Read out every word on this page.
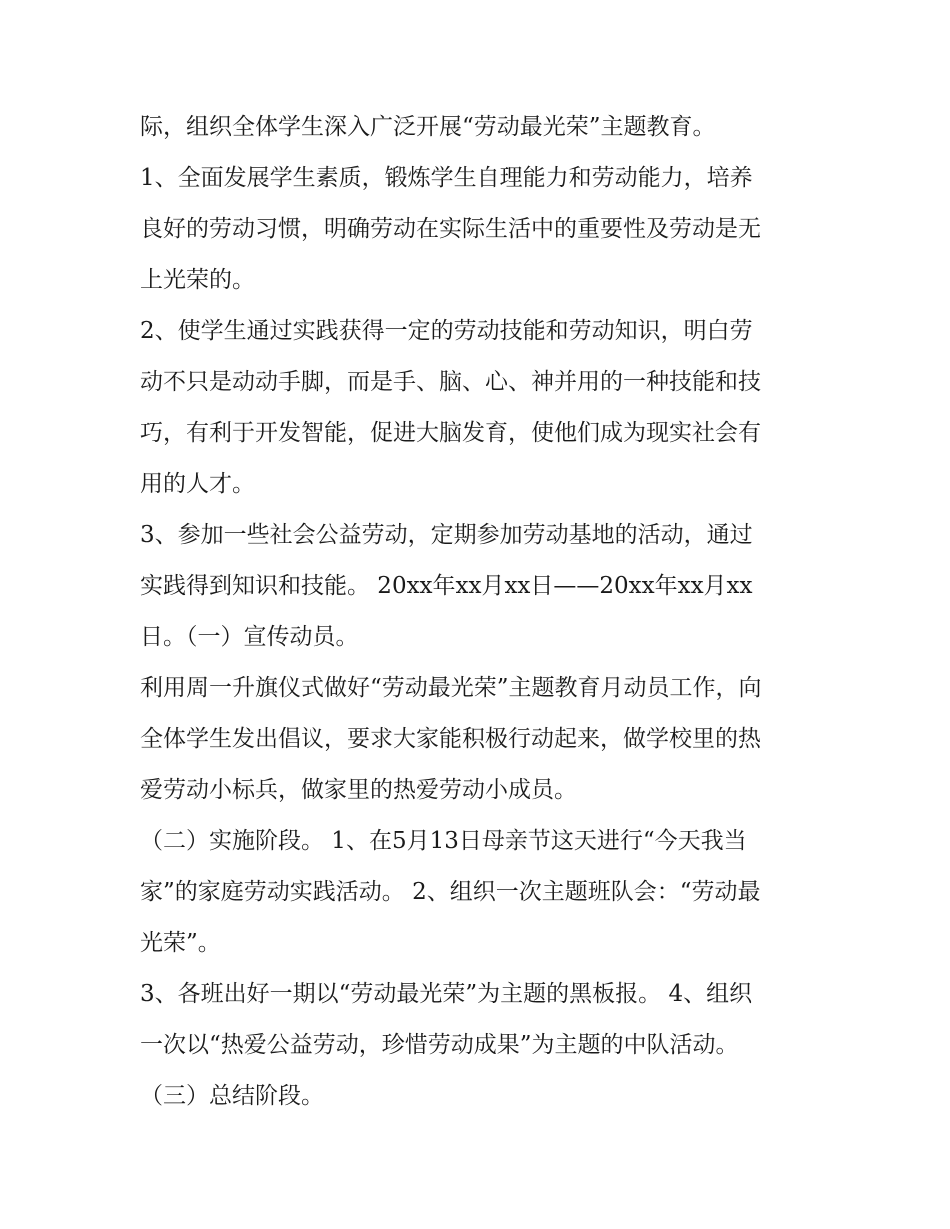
际，组织全体学生深入广泛开展“劳动最光荣”主题教育。
1、全面发展学生素质，锻炼学生自理能力和劳动能力，培养
良好的劳动习惯，明确劳动在实际生活中的重要性及劳动是无
上光荣的。
2、使学生通过实践获得一定的劳动技能和劳动知识，明白劳
动不只是动动手脚，而是手、脑、心、神并用的一种技能和技
巧，有利于开发智能，促进大脑发育，使他们成为现实社会有
用的人才。
3、参加一些社会公益劳动，定期参加劳动基地的活动，通过
实践得到知识和技能。 20xx年xx月xx日——20xx年xx月xx
日。（一）宣传动员。
利用周一升旗仪式做好“劳动最光荣”主题教育月动员工作，向
全体学生发出倡议，要求大家能积极行动起来，做学校里的热
爱劳动小标兵，做家里的热爱劳动小成员。
（二）实施阶段。 1、在5月13日母亲节这天进行“今天我当
家”的家庭劳动实践活动。 2、组织一次主题班队会：“劳动最
光荣”。
3、各班出好一期以“劳动最光荣”为主题的黑板报。 4、组织
一次以“热爱公益劳动，珍惜劳动成果”为主题的中队活动。
（三）总结阶段。
